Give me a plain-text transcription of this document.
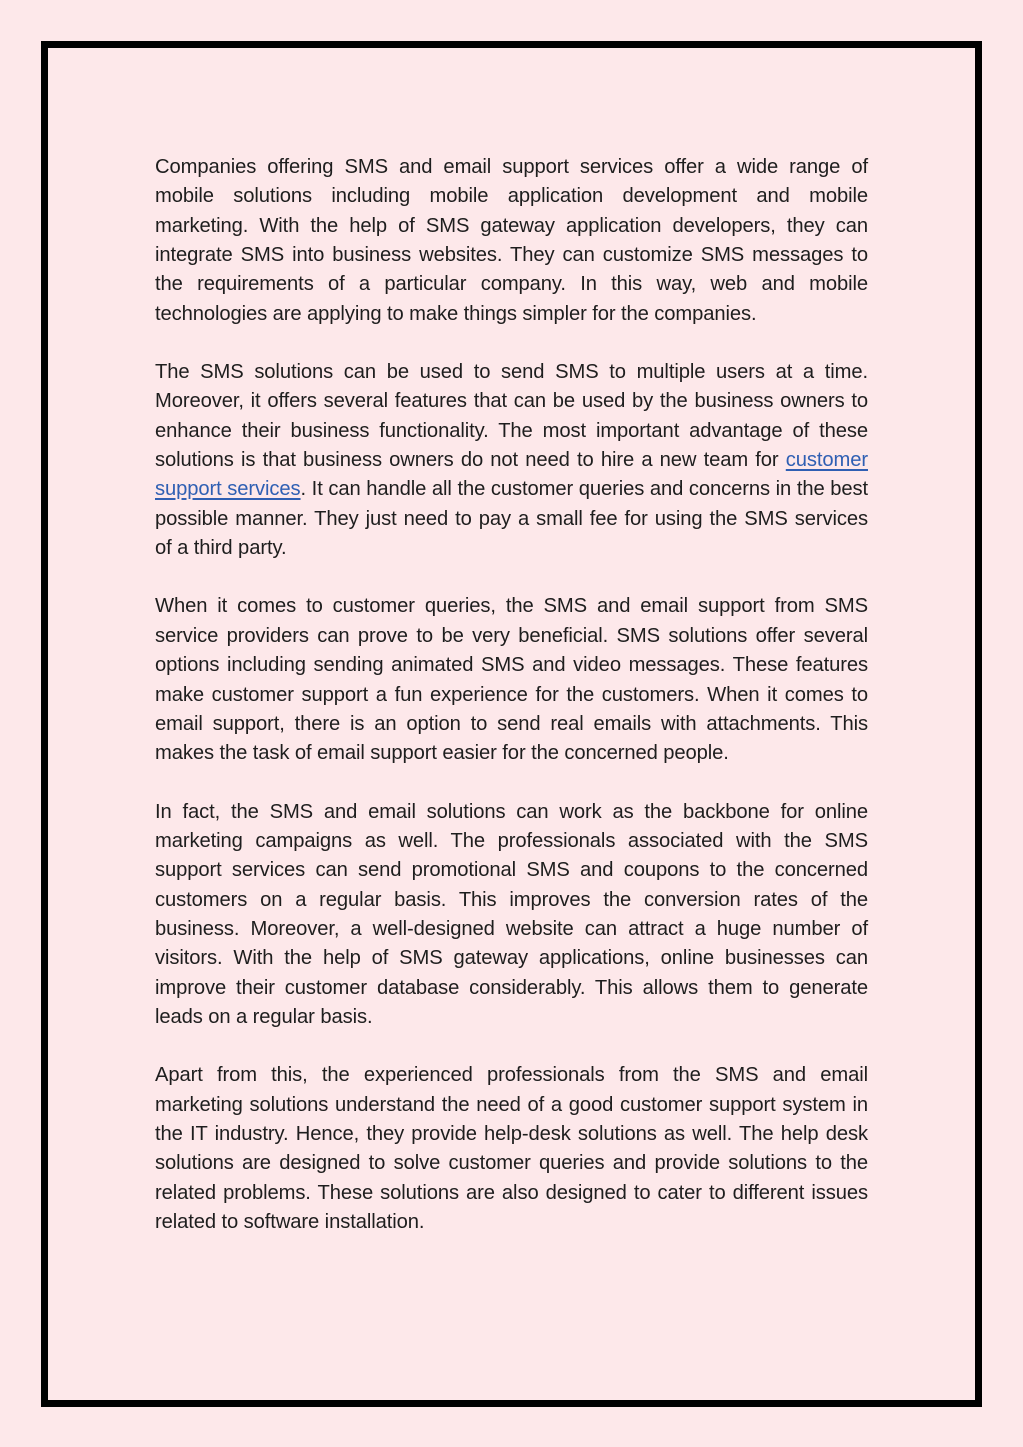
Companies offering SMS and email support services offer a wide range of mobile solutions including mobile application development and mobile marketing. With the help of SMS gateway application developers, they can integrate SMS into business websites. They can customize SMS messages to the requirements of a particular company. In this way, web and mobile technologies are applying to make things simpler for the companies.

The SMS solutions can be used to send SMS to multiple users at a time. Moreover, it offers several features that can be used by the business owners to enhance their business functionality. The most important advantage of these solutions is that business owners do not need to hire a new team for customer support services. It can handle all the customer queries and concerns in the best possible manner. They just need to pay a small fee for using the SMS services of a third party.

When it comes to customer queries, the SMS and email support from SMS service providers can prove to be very beneficial. SMS solutions offer several options including sending animated SMS and video messages. These features make customer support a fun experience for the customers. When it comes to email support, there is an option to send real emails with attachments. This makes the task of email support easier for the concerned people.

In fact, the SMS and email solutions can work as the backbone for online marketing campaigns as well. The professionals associated with the SMS support services can send promotional SMS and coupons to the concerned customers on a regular basis. This improves the conversion rates of the business. Moreover, a well-designed website can attract a huge number of visitors. With the help of SMS gateway applications, online businesses can improve their customer database considerably. This allows them to generate leads on a regular basis.

Apart from this, the experienced professionals from the SMS and email marketing solutions understand the need of a good customer support system in the IT industry. Hence, they provide help-desk solutions as well. The help desk solutions are designed to solve customer queries and provide solutions to the related problems. These solutions are also designed to cater to different issues related to software installation.
